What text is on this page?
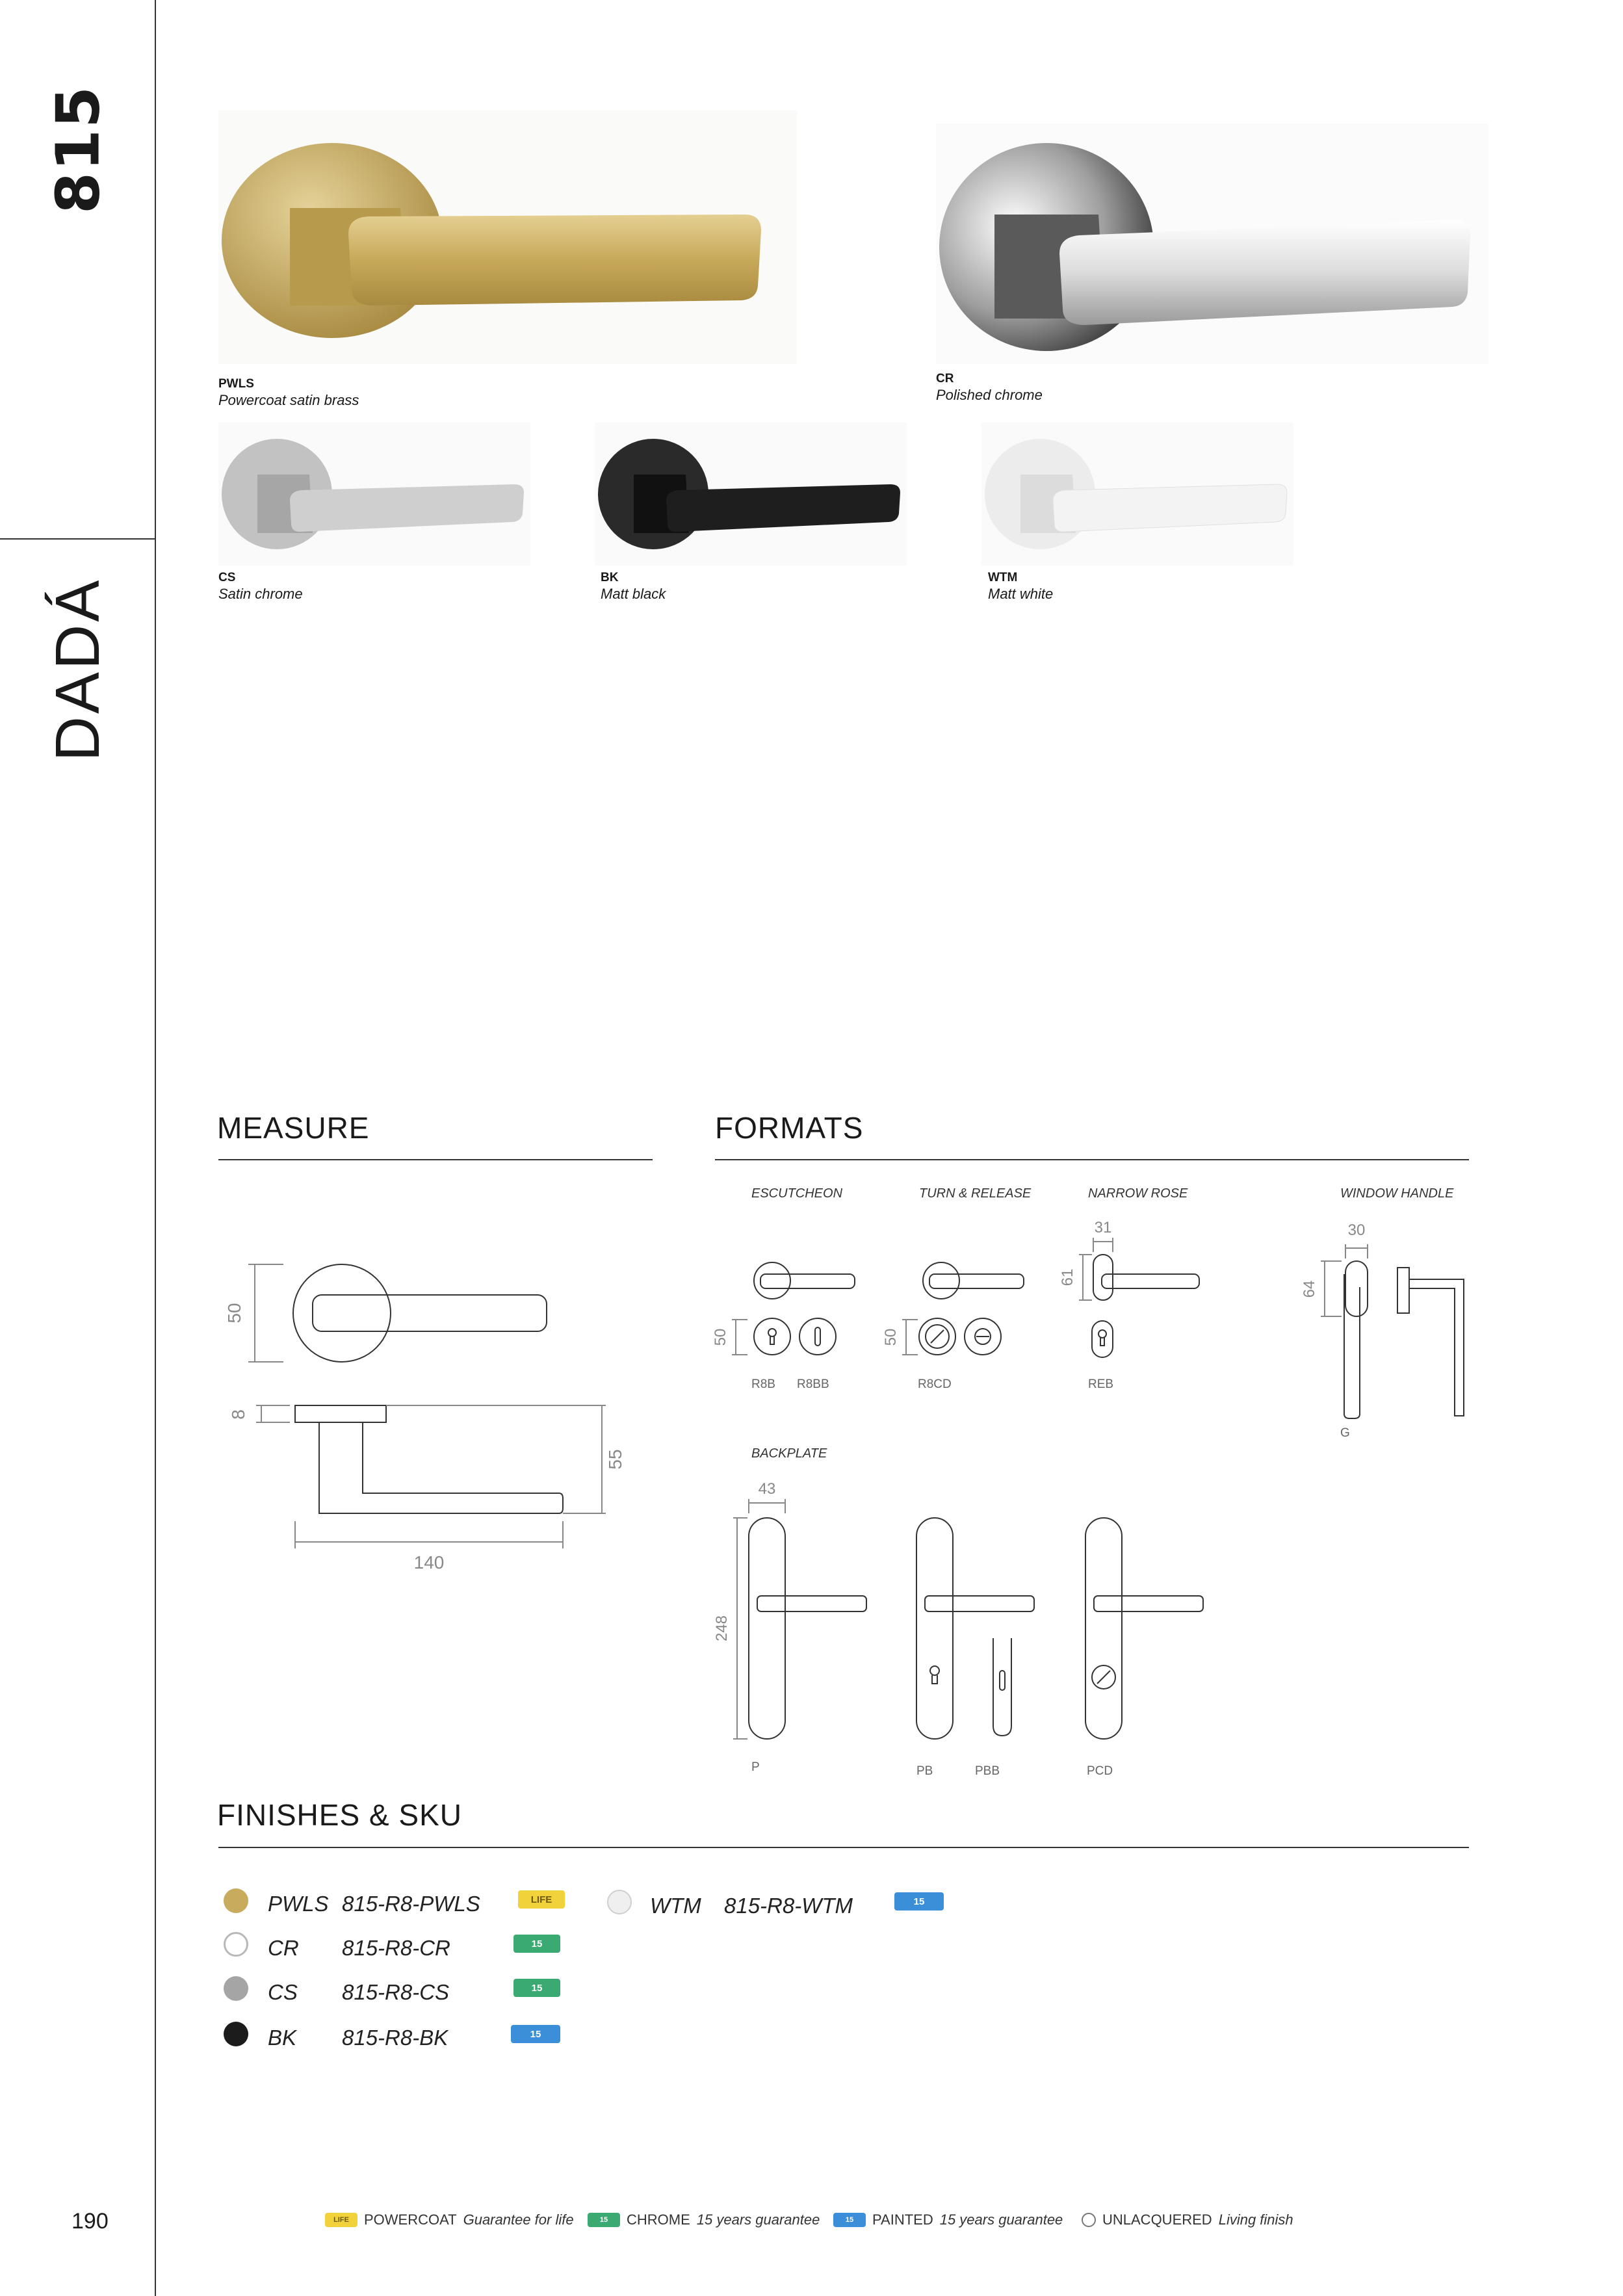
815
DADÁ
190
PWLS
Powercoat satin brass
CR
Polished chrome
CS
Satin chrome
BK
Matt black
WTM
Matt white
MEASURE
50
8
55
140
FORMATS
ESCUTCHEON	TURN & RELEASE	NARROW ROSE	WINDOW HANDLE
BACKPLATE
50
R8B R8BB
50
R8CD
31
61
REB
30
64
G
43
248
P	PB	PBB	PCD
FINISHES & SKU
PWLS 815-R8-PWLS	LIFE
CR 815-R8-CR	15
CS 815-R8-CS	15
BK 815-R8-BK	15
WTM 815-R8-WTM	15
LIFE	POWERCOAT Guarantee for life	15	CHROME 15 years guarantee	15	PAINTED 15 years guarantee	UNLACQUERED Living finish
